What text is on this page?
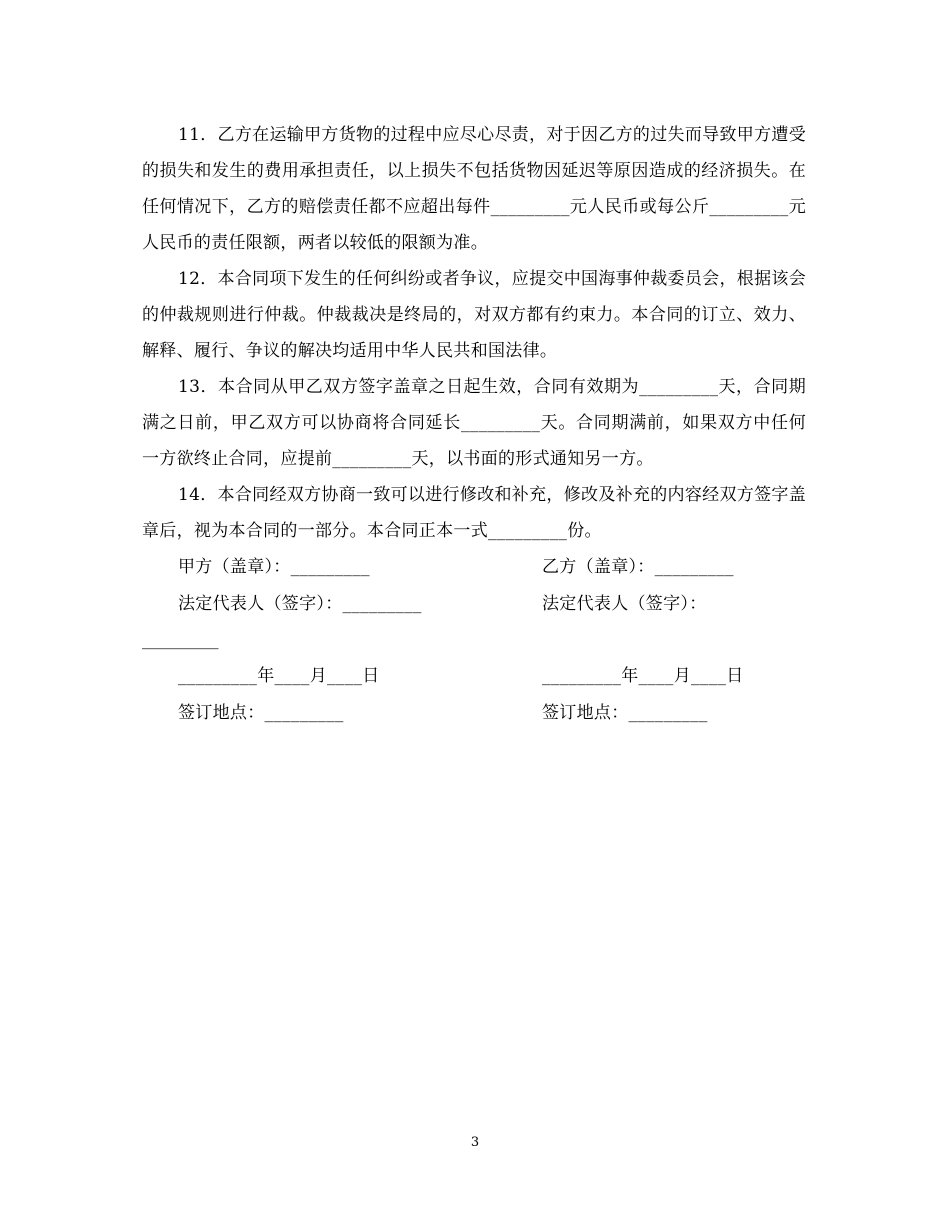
11．乙方在运输甲方货物的过程中应尽心尽责，对于因乙方的过失而导致甲方遭受的损失和发生的费用承担责任，以上损失不包括货物因延迟等原因造成的经济损失。在任何情况下，乙方的赔偿责任都不应超出每件_________元人民币或每公斤_________元人民币的责任限额，两者以较低的限额为准。

12．本合同项下发生的任何纠纷或者争议，应提交中国海事仲裁委员会，根据该会的仲裁规则进行仲裁。仲裁裁决是终局的，对双方都有约束力。本合同的订立、效力、解释、履行、争议的解决均适用中华人民共和国法律。

13．本合同从甲乙双方签字盖章之日起生效，合同有效期为_________天，合同期满之日前，甲乙双方可以协商将合同延长_________天。合同期满前，如果双方中任何一方欲终止合同，应提前_________天，以书面的形式通知另一方。

14．本合同经双方协商一致可以进行修改和补充，修改及补充的内容经双方签字盖章后，视为本合同的一部分。本合同正本一式_________份。

甲方（盖章）：_________	乙方（盖章）：_________
法定代表人（签字）：_________	法定代表人（签字）：
_________
_________年____月____日	_________年____月____日
签订地点：_________	签订地点：_________
3
